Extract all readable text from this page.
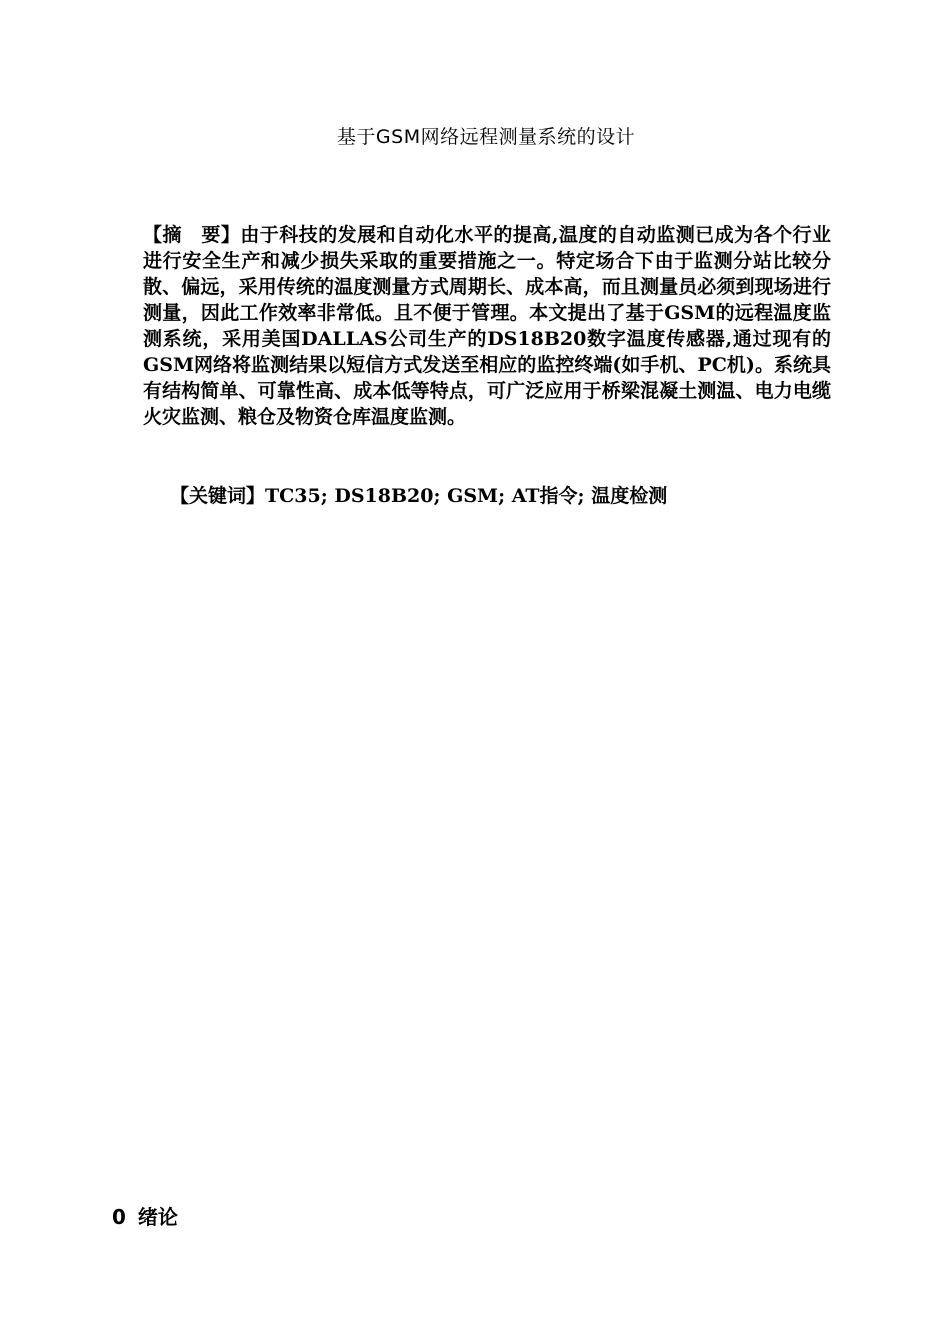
基于GSM网络远程测量系统的设计

【摘　要】由于科技的发展和自动化水平的提高,温度的自动监测已成为各个行业进行安全生产和减少损失采取的重要措施之一。特定场合下由于监测分站比较分散、偏远，采用传统的温度测量方式周期长、成本高，而且测量员必须到现场进行测量，因此工作效率非常低。且不便于管理。本文提出了基于GSM的远程温度监测系统，采用美国DALLAS公司生产的DS18B20数字温度传感器,通过现有的GSM网络将监测结果以短信方式发送至相应的监控终端(如手机、PC机)。系统具有结构简单、可靠性高、成本低等特点，可广泛应用于桥梁混凝土测温、电力电缆火灾监测、粮仓及物资仓库温度监测。

【关键词】TC35; DS18B20; GSM; AT指令; 温度检测

0 绪论
